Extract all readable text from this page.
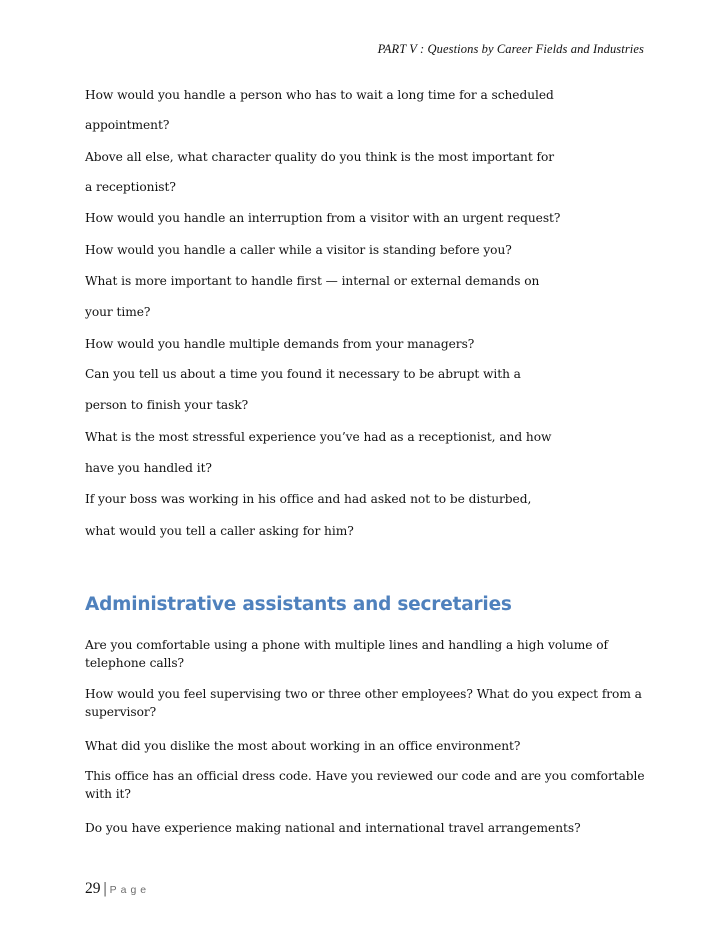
PART V : Questions by Career Fields and Industries
How would you handle a person who has to wait a long time for a scheduled
appointment?
Above all else, what character quality do you think is the most important for
a receptionist?
How would you handle an interruption from a visitor with an urgent request?
How would you handle a caller while a visitor is standing before you?
What is more important to handle first — internal or external demands on
your time?
How would you handle multiple demands from your managers?
Can you tell us about a time you found it necessary to be abrupt with a
person to finish your task?
What is the most stressful experience you’ve had as a receptionist, and how
have you handled it?
If your boss was working in his office and had asked not to be disturbed,
what would you tell a caller asking for him?
Administrative assistants and secretaries
Are you comfortable using a phone with multiple lines and handling a high volume of telephone calls?
How would you feel supervising two or three other employees? What do you expect from a supervisor?
What did you dislike the most about working in an office environment?
This office has an official dress code. Have you reviewed our code and are you comfortable with it?
Do you have experience making national and international travel arrangements?
29 | Page
